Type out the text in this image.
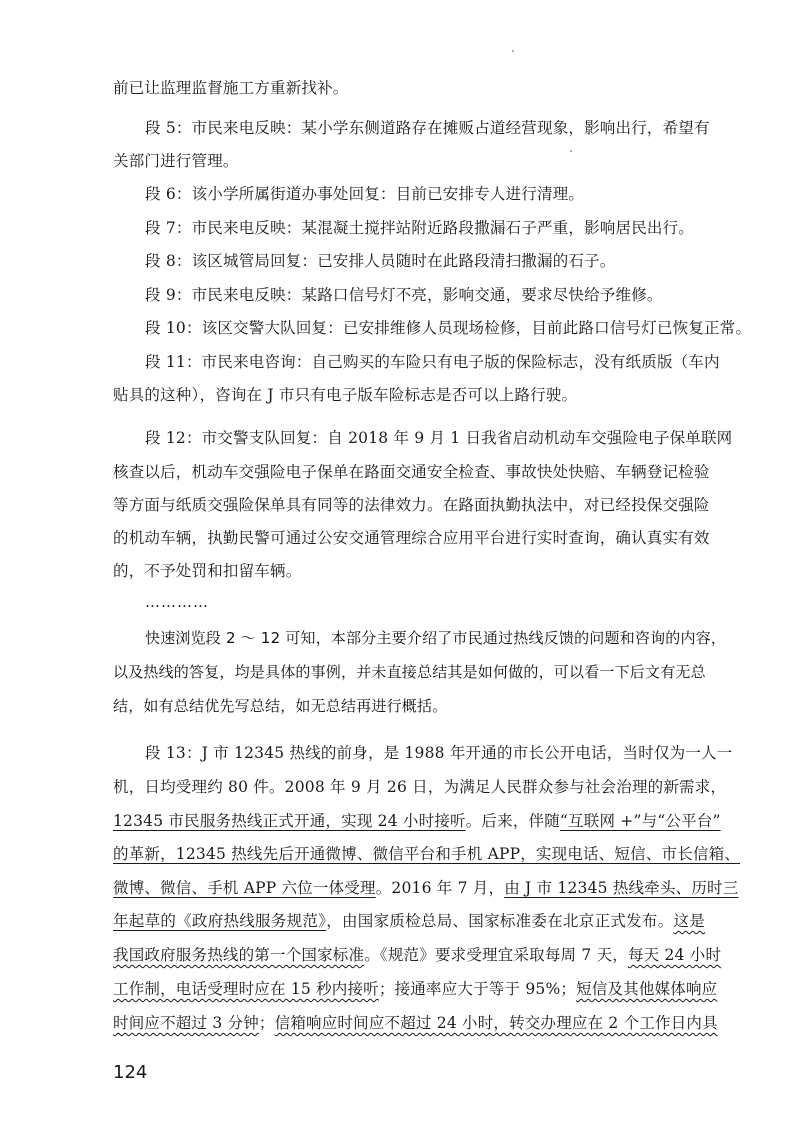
前已让监理监督施工方重新找补。
段 5：市民来电反映：某小学东侧道路存在摊贩占道经营现象，影响出行，希望有
关部门进行管理。
段 6：该小学所属街道办事处回复：目前已安排专人进行清理。
段 7：市民来电反映：某混凝土搅拌站附近路段撒漏石子严重，影响居民出行。
段 8：该区城管局回复：已安排人员随时在此路段清扫撒漏的石子。
段 9：市民来电反映：某路口信号灯不亮，影响交通，要求尽快给予维修。
段 10：该区交警大队回复：已安排维修人员现场检修，目前此路口信号灯已恢复正常。
段 11：市民来电咨询：自己购买的车险只有电子版的保险标志，没有纸质版（车内
贴具的这种），咨询在 J 市只有电子版车险标志是否可以上路行驶。
段 12：市交警支队回复：自 2018 年 9 月 1 日我省启动机动车交强险电子保单联网
核查以后，机动车交强险电子保单在路面交通安全检查、事故快处快赔、车辆登记检验
等方面与纸质交强险保单具有同等的法律效力。在路面执勤执法中，对已经投保交强险
的机动车辆，执勤民警可通过公安交通管理综合应用平台进行实时查询，确认真实有效
的，不予处罚和扣留车辆。
…………
快速浏览段 2 ～ 12 可知，本部分主要介绍了市民通过热线反馈的问题和咨询的内容，
以及热线的答复，均是具体的事例，并未直接总结其是如何做的，可以看一下后文有无总
结，如有总结优先写总结，如无总结再进行概括。
段 13：J 市 12345 热线的前身，是 1988 年开通的市长公开电话，当时仅为一人一
机，日均受理约 80 件。2008 年 9 月 26 日，为满足人民群众参与社会治理的新需求，
12345 市民服务热线正式开通，实现 24 小时接听。后来，伴随“互联网 +”与“公平台”
的革新，12345 热线先后开通微博、微信平台和手机 APP，实现电话、短信、市长信箱、
微博、微信、手机 APP 六位一体受理。2016 年 7 月，由 J 市 12345 热线牵头、历时三
年起草的《政府热线服务规范》，由国家质检总局、国家标准委在北京正式发布。这是
我国政府服务热线的第一个国家标准。《规范》要求受理宜采取每周 7 天，每天 24 小时
工作制，电话受理时应在 15 秒内接听；接通率应大于等于 95%；短信及其他媒体响应
时间应不超过 3 分钟；信箱响应时间应不超过 24 小时，转交办理应在 2 个工作日内具
124
